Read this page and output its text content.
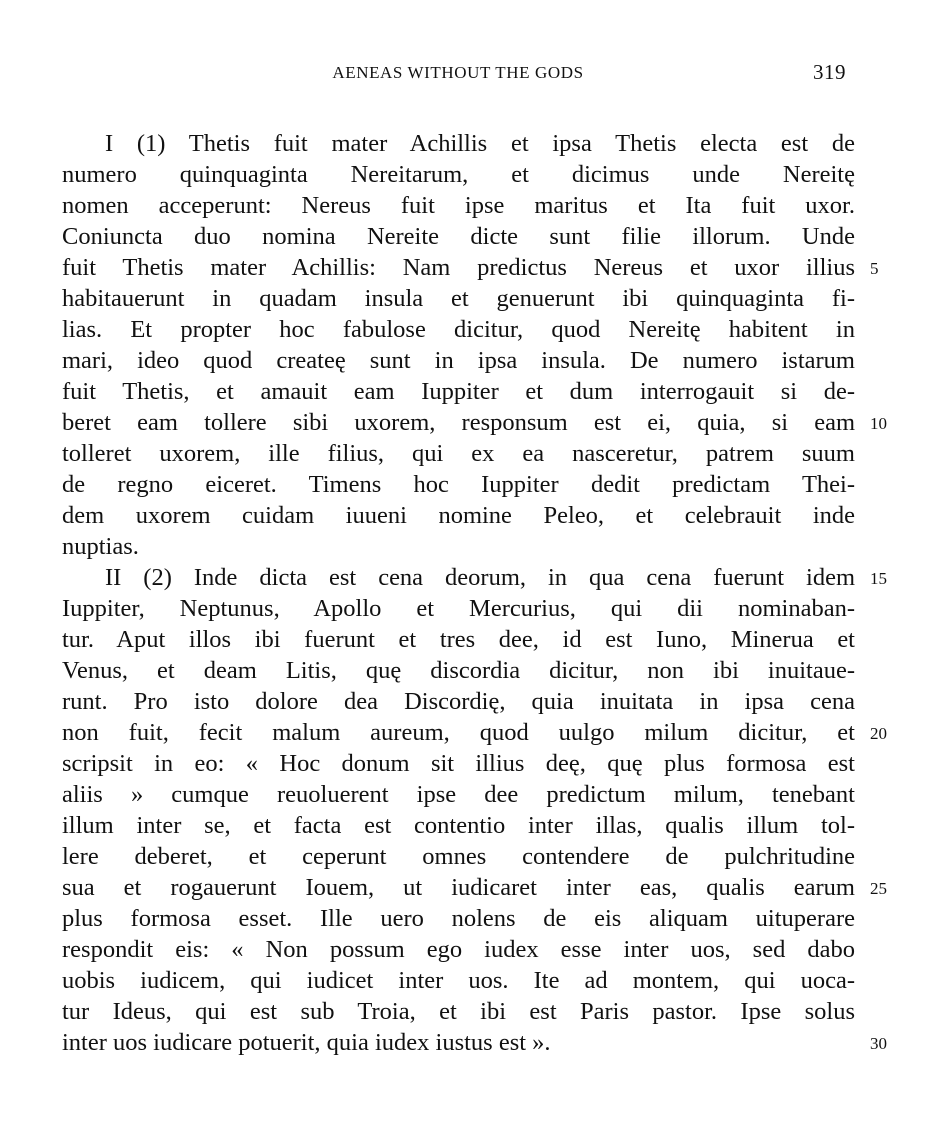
AENEAS WITHOUT THE GODS	319
I (1) Thetis fuit mater Achillis et ipsa Thetis electa est de
numero quinquaginta Nereitarum, et dicimus unde Nereitę
nomen acceperunt: Nereus fuit ipse maritus et Ita fuit uxor.
Coniuncta duo nomina Nereite dicte sunt filie illorum. Unde
fuit Thetis mater Achillis: Nam predictus Nereus et uxor illius 5
habitauerunt in quadam insula et genuerunt ibi quinquaginta fi-
lias. Et propter hoc fabulose dicitur, quod Nereitę habitent in
mari, ideo quod createę sunt in ipsa insula. De numero istarum
fuit Thetis, et amauit eam Iuppiter et dum interrogauit si de-
beret eam tollere sibi uxorem, responsum est ei, quia, si eam 10
tolleret uxorem, ille filius, qui ex ea nasceretur, patrem suum
de regno eiceret. Timens hoc Iuppiter dedit predictam Thei-
dem uxorem cuidam iuueni nomine Peleo, et celebrauit inde
nuptias.
II (2) Inde dicta est cena deorum, in qua cena fuerunt idem 15
Iuppiter, Neptunus, Apollo et Mercurius, qui dii nominaban-
tur. Aput illos ibi fuerunt et tres dee, id est Iuno, Minerua et
Venus, et deam Litis, quę discordia dicitur, non ibi inuitaue-
runt. Pro isto dolore dea Discordię, quia inuitata in ipsa cena
non fuit, fecit malum aureum, quod uulgo milum dicitur, et 20
scripsit in eo: « Hoc donum sit illius deę, quę plus formosa est
aliis » cumque reuoluerent ipse dee predictum milum, tenebant
illum inter se, et facta est contentio inter illas, qualis illum tol-
lere deberet, et ceperunt omnes contendere de pulchritudine
sua et rogauerunt Iouem, ut iudicaret inter eas, qualis earum 25
plus formosa esset. Ille uero nolens de eis aliquam uituperare
respondit eis: « Non possum ego iudex esse inter uos, sed dabo
uobis iudicem, qui iudicet inter uos. Ite ad montem, qui uoca-
tur Ideus, qui est sub Troia, et ibi est Paris pastor. Ipse solus
inter uos iudicare potuerit, quia iudex iustus est ».	30
